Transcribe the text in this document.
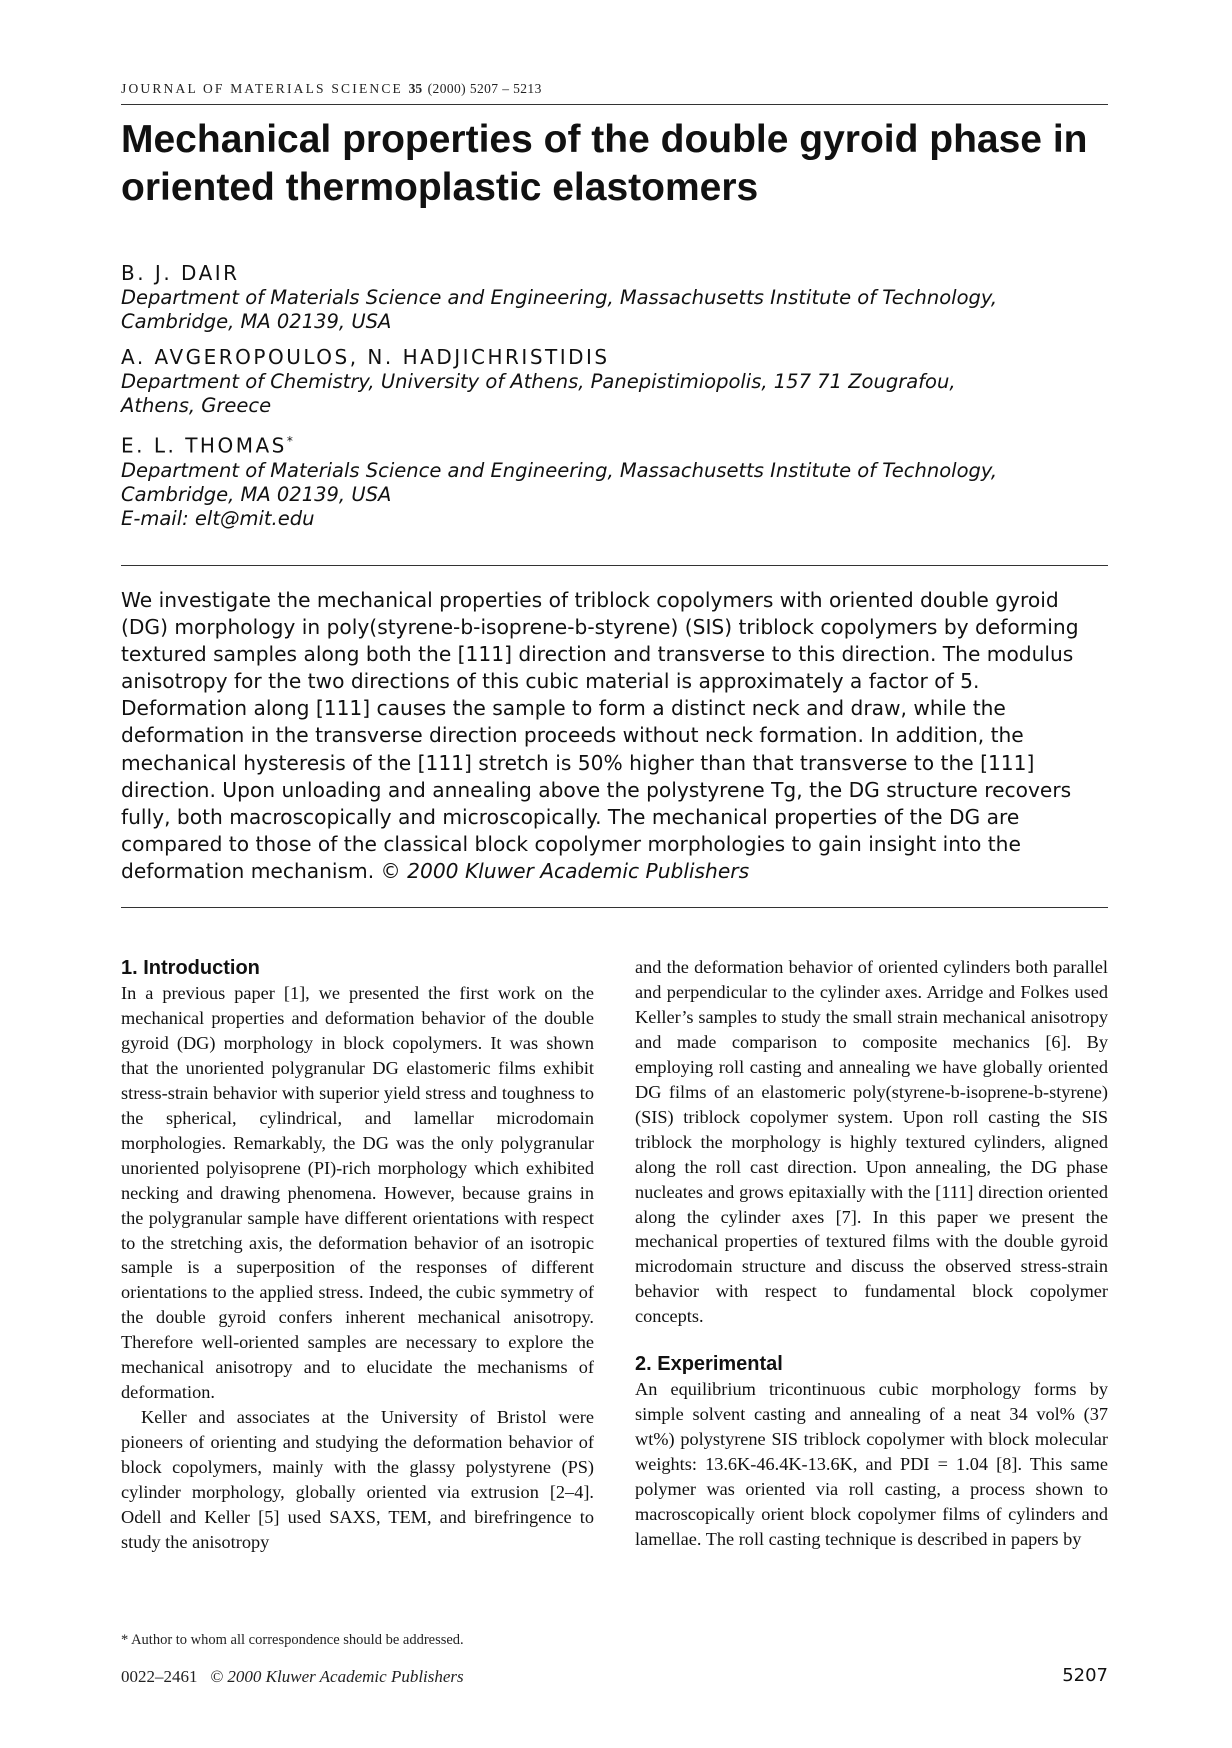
JOURNAL OF MATERIALS SCIENCE 35 (2000) 5207 – 5213
Mechanical properties of the double gyroid phase in oriented thermoplastic elastomers
B. J. DAIR
Department of Materials Science and Engineering, Massachusetts Institute of Technology,
Cambridge, MA 02139, USA
A. AVGEROPOULOS, N. HADJICHRISTIDIS
Department of Chemistry, University of Athens, Panepistimiopolis, 157 71 Zougrafou,
Athens, Greece
E. L. THOMAS*
Department of Materials Science and Engineering, Massachusetts Institute of Technology,
Cambridge, MA 02139, USA
E-mail: elt@mit.edu

We investigate the mechanical properties of triblock copolymers with oriented double gyroid (DG) morphology in poly(styrene-b-isoprene-b-styrene) (SIS) triblock copolymers by deforming textured samples along both the [111] direction and transverse to this direction. The modulus anisotropy for the two directions of this cubic material is approximately a factor of 5. Deformation along [111] causes the sample to form a distinct neck and draw, while the deformation in the transverse direction proceeds without neck formation. In addition, the mechanical hysteresis of the [111] stretch is 50% higher than that transverse to the [111] direction. Upon unloading and annealing above the polystyrene Tg, the DG structure recovers fully, both macroscopically and microscopically. The mechanical properties of the DG are compared to those of the classical block copolymer morphologies to gain insight into the deformation mechanism. © 2000 Kluwer Academic Publishers

1. Introduction

In a previous paper [1], we presented the first work on the mechanical properties and deformation behavior of the double gyroid (DG) morphology in block copolymers. It was shown that the unoriented polygranular DG elastomeric films exhibit stress-strain behavior with superior yield stress and toughness to the spherical, cylindrical, and lamellar microdomain morphologies. Remarkably, the DG was the only polygranular unoriented polyisoprene (PI)-rich morphology which exhibited necking and drawing phenomena. However, because grains in the polygranular sample have different orientations with respect to the stretching axis, the deformation behavior of an isotropic sample is a superposition of the responses of different orientations to the applied stress. Indeed, the cubic symmetry of the double gyroid confers inherent mechanical anisotropy. Therefore well-oriented samples are necessary to explore the mechanical anisotropy and to elucidate the mechanisms of deformation.

Keller and associates at the University of Bristol were pioneers of orienting and studying the deformation behavior of block copolymers, mainly with the glassy polystyrene (PS) cylinder morphology, globally oriented via extrusion [2–4]. Odell and Keller [5] used SAXS, TEM, and birefringence to study the anisotropy

and the deformation behavior of oriented cylinders both parallel and perpendicular to the cylinder axes. Arridge and Folkes used Keller’s samples to study the small strain mechanical anisotropy and made comparison to composite mechanics [6]. By employing roll casting and annealing we have globally oriented DG films of an elastomeric poly(styrene-b-isoprene-b-styrene) (SIS) triblock copolymer system. Upon roll casting the SIS triblock the morphology is highly textured cylinders, aligned along the roll cast direction. Upon annealing, the DG phase nucleates and grows epitaxially with the [111] direction oriented along the cylinder axes [7]. In this paper we present the mechanical properties of textured films with the double gyroid microdomain structure and discuss the observed stress-strain behavior with respect to fundamental block copolymer concepts.

2. Experimental

An equilibrium tricontinuous cubic morphology forms by simple solvent casting and annealing of a neat 34 vol% (37 wt%) polystyrene SIS triblock copolymer with block molecular weights: 13.6K-46.4K-13.6K, and PDI = 1.04 [8]. This same polymer was oriented via roll casting, a process shown to macroscopically orient block copolymer films of cylinders and lamellae. The roll casting technique is described in papers by

* Author to whom all correspondence should be addressed.
0022–2461 © 2000 Kluwer Academic Publishers	5207
